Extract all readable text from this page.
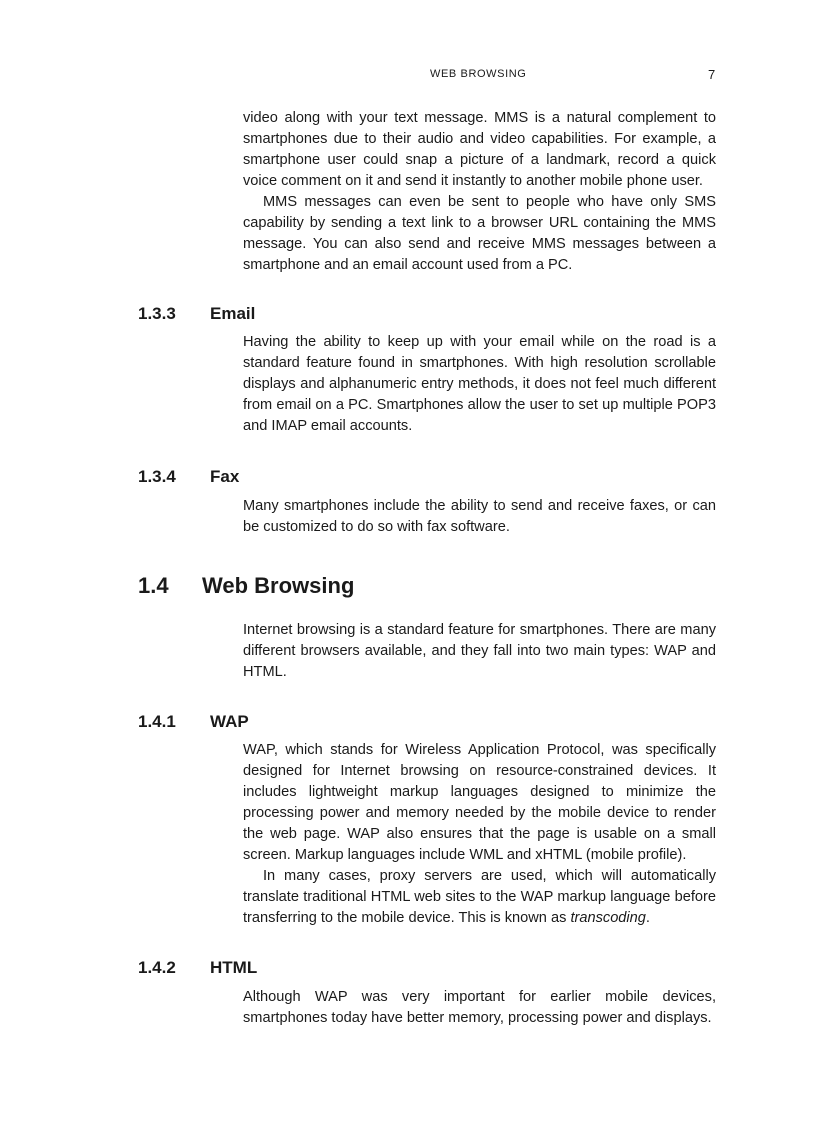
WEB BROWSING	7

video along with your text message. MMS is a natural complement to smartphones due to their audio and video capabilities. For example, a smartphone user could snap a picture of a landmark, record a quick voice comment on it and send it instantly to another mobile phone user.

MMS messages can even be sent to people who have only SMS capability by sending a text link to a browser URL containing the MMS message. You can also send and receive MMS messages between a smartphone and an email account used from a PC.

1.3.3 Email

Having the ability to keep up with your email while on the road is a standard feature found in smartphones. With high resolution scrollable displays and alphanumeric entry methods, it does not feel much different from email on a PC. Smartphones allow the user to set up multiple POP3 and IMAP email accounts.

1.3.4 Fax

Many smartphones include the ability to send and receive faxes, or can be customized to do so with fax software.

1.4 Web Browsing

Internet browsing is a standard feature for smartphones. There are many different browsers available, and they fall into two main types: WAP and HTML.

1.4.1 WAP

WAP, which stands for Wireless Application Protocol, was specifically designed for Internet browsing on resource-constrained devices. It includes lightweight markup languages designed to minimize the processing power and memory needed by the mobile device to render the web page. WAP also ensures that the page is usable on a small screen. Markup languages include WML and xHTML (mobile profile).

In many cases, proxy servers are used, which will automatically translate traditional HTML web sites to the WAP markup language before transferring to the mobile device. This is known as transcoding.

1.4.2 HTML

Although WAP was very important for earlier mobile devices, smartphones today have better memory, processing power and displays.
